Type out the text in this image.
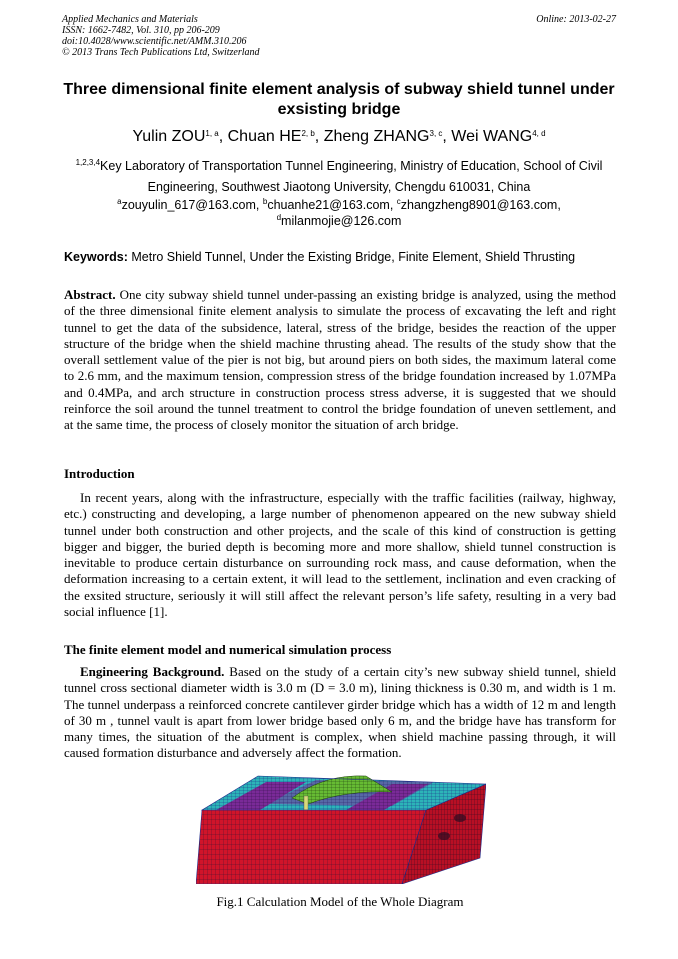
Applied Mechanics and Materials
ISSN: 1662-7482, Vol. 310, pp 206-209
doi:10.4028/www.scientific.net/AMM.310.206
© 2013 Trans Tech Publications Ltd, Switzerland
Online: 2013-02-27
Three dimensional finite element analysis of subway shield tunnel under exsisting bridge
Yulin ZOU$^{1, a}$, Chuan HE$^{2, b}$, Zheng ZHANG$^{3, c}$, Wei WANG$^{4, d}$
$^{1,2,3,4}$Key Laboratory of Transportation Tunnel Engineering, Ministry of Education, School of Civil
Engineering, Southwest Jiaotong University, Chengdu 610031, China
$^a$zouyulin_617@163.com, $^b$chuanhe21@163.com, $^c$zhangzheng8901@163.com,
$^d$milanmojie@126.com
Keywords: Metro Shield Tunnel, Under the Existing Bridge, Finite Element, Shield Thrusting
Abstract. One city subway shield tunnel under-passing an existing bridge is analyzed, using the method of the three dimensional finite element analysis to simulate the process of excavating the left and right tunnel to get the data of the subsidence, lateral, stress of the bridge, besides the reaction of the upper structure of the bridge when the shield machine thrusting ahead. The results of the study show that the overall settlement value of the pier is not big, but around piers on both sides, the maximum lateral come to 2.6 mm, and the maximum tension, compression stress of the bridge foundation increased by 1.07MPa and 0.4MPa, and arch structure in construction process stress adverse, it is suggested that we should reinforce the soil around the tunnel treatment to control the bridge foundation of uneven settlement, and at the same time, the process of closely monitor the situation of arch bridge.
Introduction
In recent years, along with the infrastructure, especially with the traffic facilities (railway, highway, etc.) constructing and developing, a large number of phenomenon appeared on the new subway shield tunnel under both construction and other projects, and the scale of this kind of construction is getting bigger and bigger, the buried depth is becoming more and more shallow, shield tunnel construction is inevitable to produce certain disturbance on surrounding rock mass, and cause deformation, when the deformation increasing to a certain extent, it will lead to the settlement, inclination and even cracking of the exsited structure, seriously it will still affect the relevant person’s life safety, resulting in a very bad social influence [1].
The finite element model and numerical simulation process
Engineering Background. Based on the study of a certain city’s new subway shield tunnel, shield tunnel cross sectional diameter width is 3.0 m (D = 3.0 m), lining thickness is 0.30 m, and width is 1 m. The tunnel underpass a reinforced concrete cantilever girder bridge which has a width of 12 m and length of 30 m , tunnel vault is apart from lower bridge based only 6 m, and the bridge have has transform for many times, the situation of the abutment is complex, when shield machine passing through, it will caused formation disturbance and adversely affect the formation.
Fig.1 Calculation Model of the Whole Diagram
